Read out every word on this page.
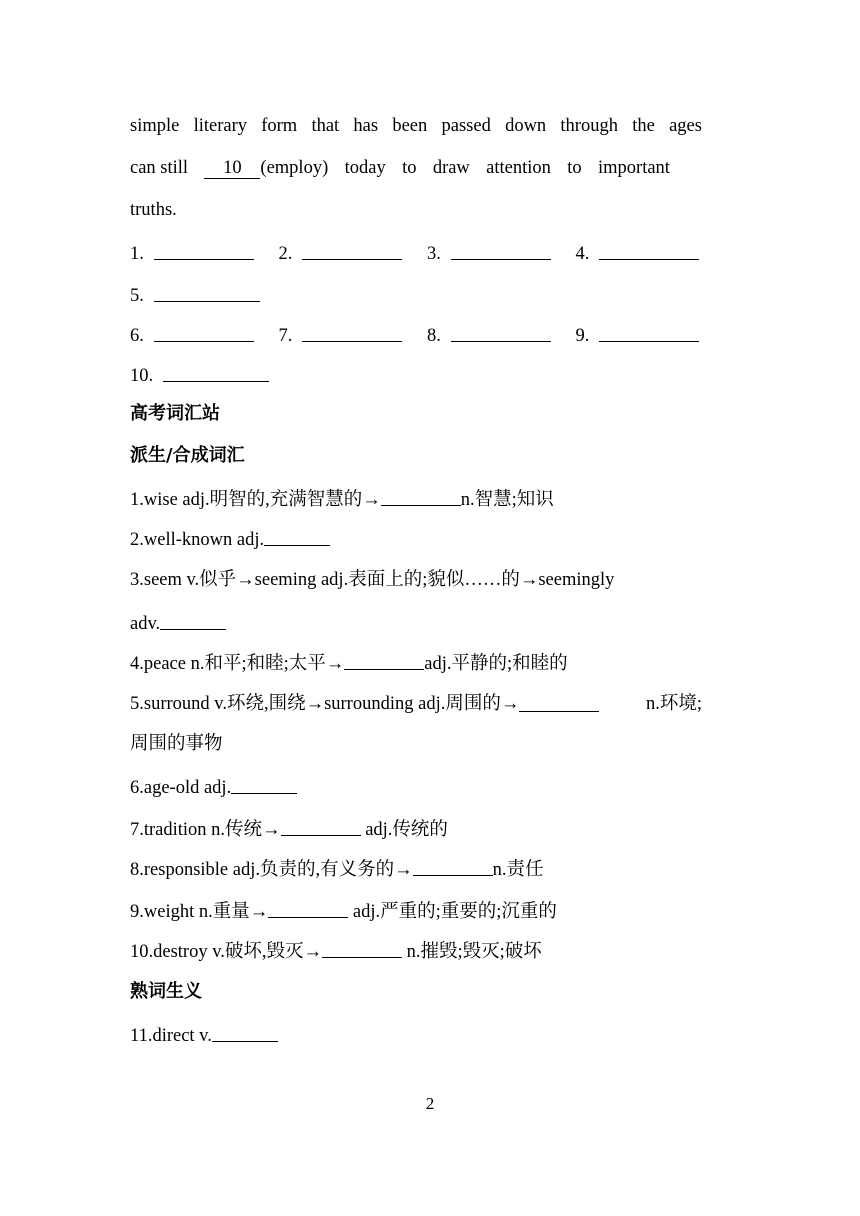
simple literary form that has been passed down through the ages
can still	10	(employ) today to draw attention to important
truths.
1.	2.	3.	4.
5.
6.	7.	8.	9.
10.
高考词汇站
派生/合成词汇
1.wise adj.明智的,充满智慧的→	n.智慧;知识
2.well-known adj.
3.seem v.似乎→seeming adj.表面上的;貌似……的→seemingly
adv.
4.peace n.和平;和睦;太平→	adj.平静的;和睦的
5.surround v.环绕,围绕→surrounding adj.周围的→	n.环境;
周围的事物
6.age-old adj.
7.tradition n.传统→	adj.传统的
8.responsible adj.负责的,有义务的→	n.责任
9.weight n.重量→	adj.严重的;重要的;沉重的
10.destroy v.破坏,毁灭→	n.摧毁;毁灭;破坏
熟词生义
11.direct v.
2
